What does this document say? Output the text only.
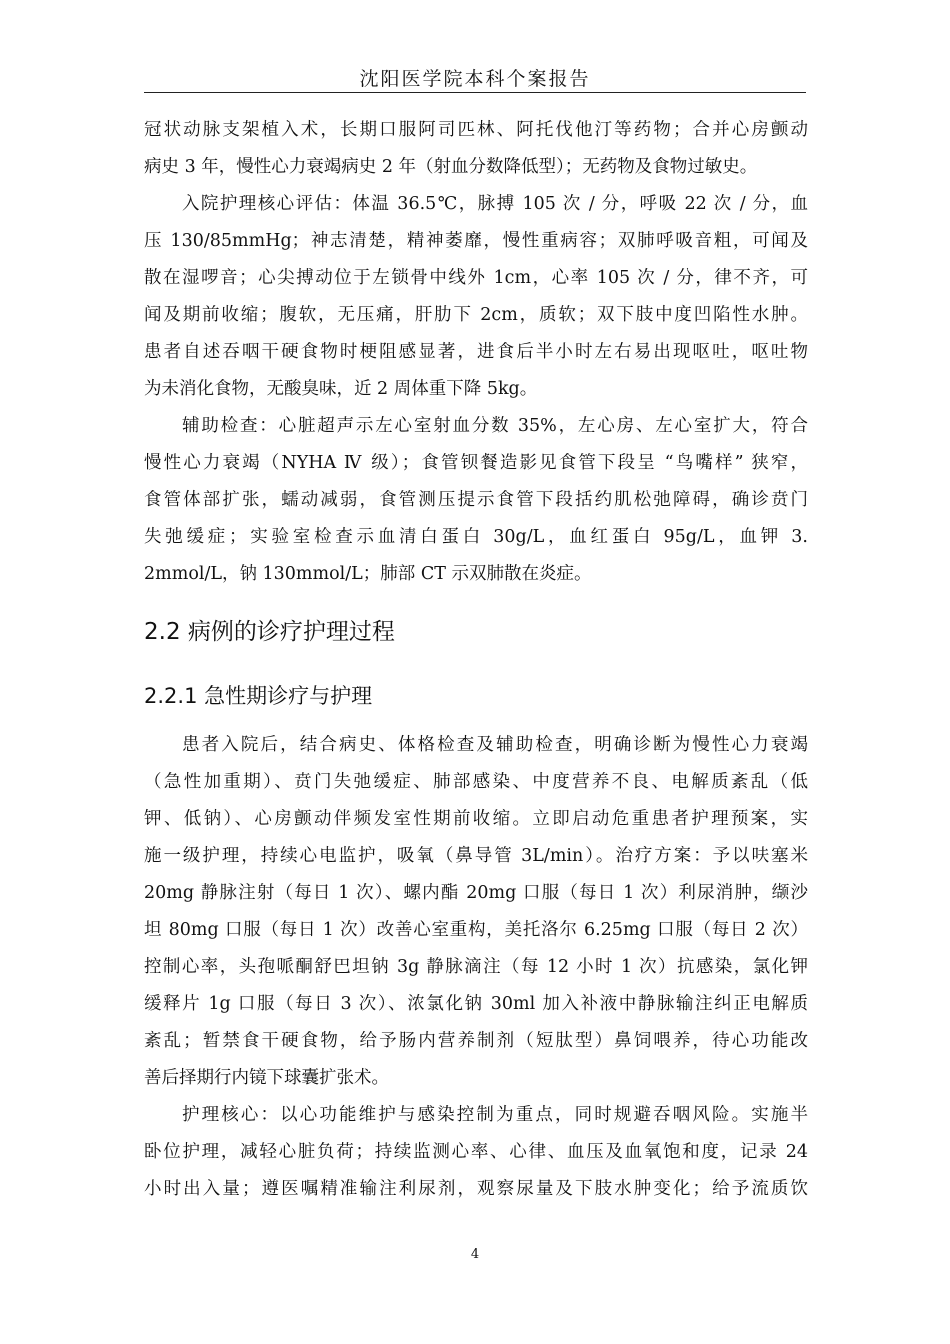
沈阳医学院本科个案报告
冠状动脉支架植入术，长期口服阿司匹林、阿托伐他汀等药物；合并心房颤动
病史 3 年，慢性心力衰竭病史 2 年（射血分数降低型）；无药物及食物过敏史。
入院护理核心评估：体温 36.5℃，脉搏 105 次 / 分，呼吸 22 次 / 分，血
压 130/85mmHg；神志清楚，精神萎靡，慢性重病容；双肺呼吸音粗，可闻及
散在湿啰音；心尖搏动位于左锁骨中线外 1cm，心率 105 次 / 分，律不齐，可
闻及期前收缩；腹软，无压痛，肝肋下 2cm，质软；双下肢中度凹陷性水肿。
患者自述吞咽干硬食物时梗阻感显著，进食后半小时左右易出现呕吐，呕吐物
为未消化食物，无酸臭味，近 2 周体重下降 5kg。
辅助检查：心脏超声示左心室射血分数 35%，左心房、左心室扩大，符合
慢性心力衰竭（NYHA Ⅳ 级）；食管钡餐造影见食管下段呈 “鸟嘴样” 狭窄，
食管体部扩张，蠕动减弱，食管测压提示食管下段括约肌松弛障碍，确诊贲门
失弛缓症；实验室检查示血清白蛋白 30g/L，血红蛋白 95g/L，血钾 3.
2mmol/L，钠 130mmol/L；肺部 CT 示双肺散在炎症。
2.2 病例的诊疗护理过程
2.2.1 急性期诊疗与护理
患者入院后，结合病史、体格检查及辅助检查，明确诊断为慢性心力衰竭
（急性加重期）、贲门失弛缓症、肺部感染、中度营养不良、电解质紊乱（低
钾、低钠）、心房颤动伴频发室性期前收缩。立即启动危重患者护理预案，实
施一级护理，持续心电监护，吸氧（鼻导管 3L/min）。治疗方案：予以呋塞米
20mg 静脉注射（每日 1 次）、螺内酯 20mg 口服（每日 1 次）利尿消肿，缬沙
坦 80mg 口服（每日 1 次）改善心室重构，美托洛尔 6.25mg 口服（每日 2 次）
控制心率，头孢哌酮舒巴坦钠 3g 静脉滴注（每 12 小时 1 次）抗感染，氯化钾
缓释片 1g 口服（每日 3 次）、浓氯化钠 30ml 加入补液中静脉输注纠正电解质
紊乱；暂禁食干硬食物，给予肠内营养制剂（短肽型）鼻饲喂养，待心功能改
善后择期行内镜下球囊扩张术。
护理核心：以心功能维护与感染控制为重点，同时规避吞咽风险。实施半
卧位护理，减轻心脏负荷；持续监测心率、心律、血压及血氧饱和度，记录 24
小时出入量；遵医嘱精准输注利尿剂，观察尿量及下肢水肿变化；给予流质饮
4
